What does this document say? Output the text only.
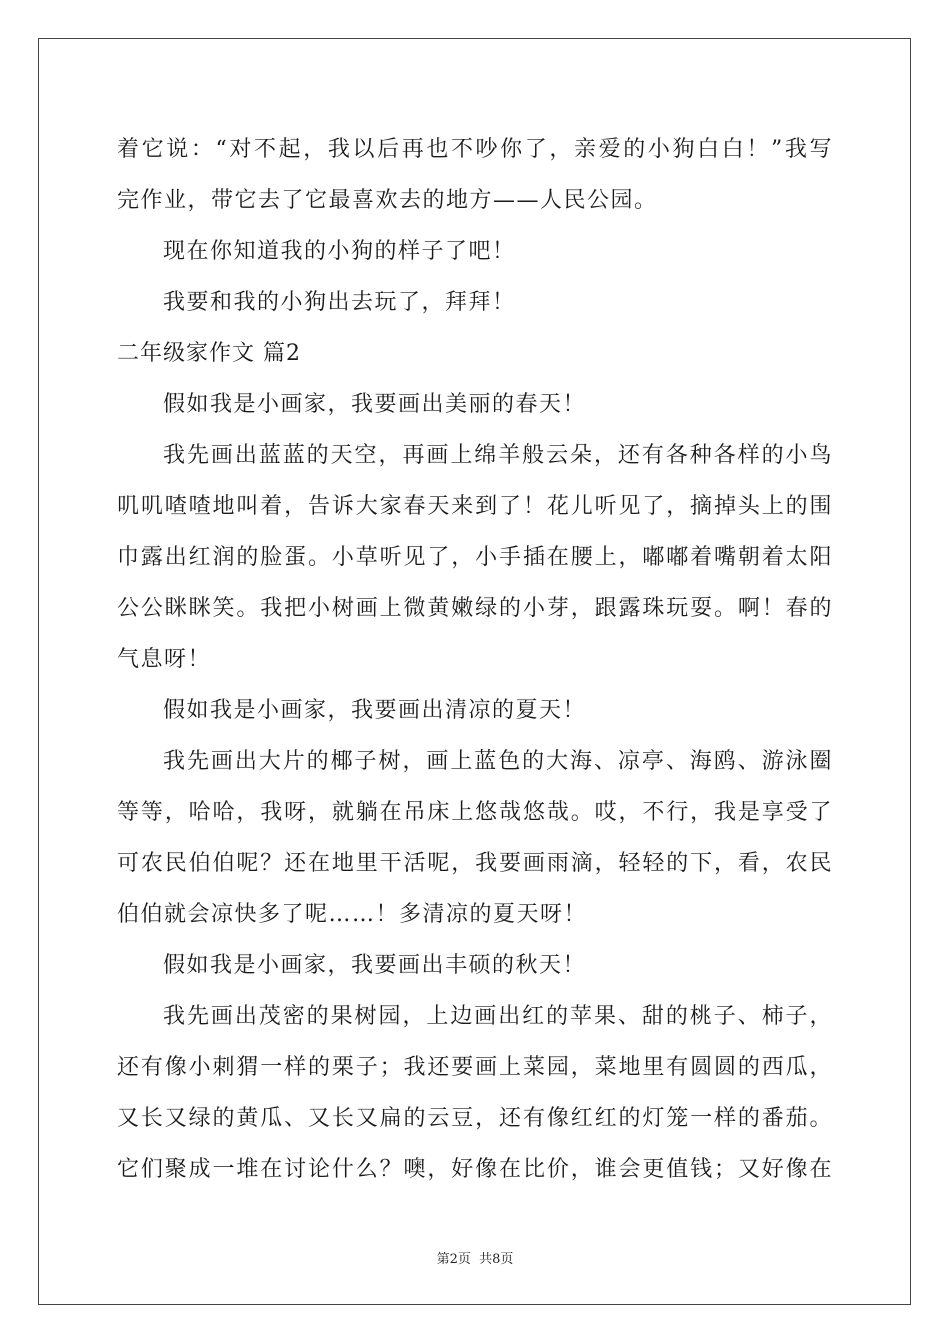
着它说：“对不起，我以后再也不吵你了，亲爱的小狗白白！”我写

完作业，带它去了它最喜欢去的地方——人民公园。

现在你知道我的小狗的样子了吧！

我要和我的小狗出去玩了，拜拜！

二年级家作文 篇2

假如我是小画家，我要画出美丽的春天！

我先画出蓝蓝的天空，再画上绵羊般云朵，还有各种各样的小鸟

叽叽喳喳地叫着，告诉大家春天来到了！花儿听见了，摘掉头上的围

巾露出红润的脸蛋。小草听见了，小手插在腰上，嘟嘟着嘴朝着太阳

公公眯眯笑。我把小树画上微黄嫩绿的小芽，跟露珠玩耍。啊！春的

气息呀！

假如我是小画家，我要画出清凉的夏天！

我先画出大片的椰子树，画上蓝色的大海、凉亭、海鸥、游泳圈

等等，哈哈，我呀，就躺在吊床上悠哉悠哉。哎，不行，我是享受了

可农民伯伯呢？还在地里干活呢，我要画雨滴，轻轻的下，看，农民

伯伯就会凉快多了呢……！多清凉的夏天呀！

假如我是小画家，我要画出丰硕的秋天！

我先画出茂密的果树园，上边画出红的苹果、甜的桃子、柿子，

还有像小刺猬一样的栗子；我还要画上菜园，菜地里有圆圆的西瓜，

又长又绿的黄瓜、又长又扁的云豆，还有像红红的灯笼一样的番茄。

它们聚成一堆在讨论什么？噢，好像在比价，谁会更值钱；又好像在

第2页 共8页
